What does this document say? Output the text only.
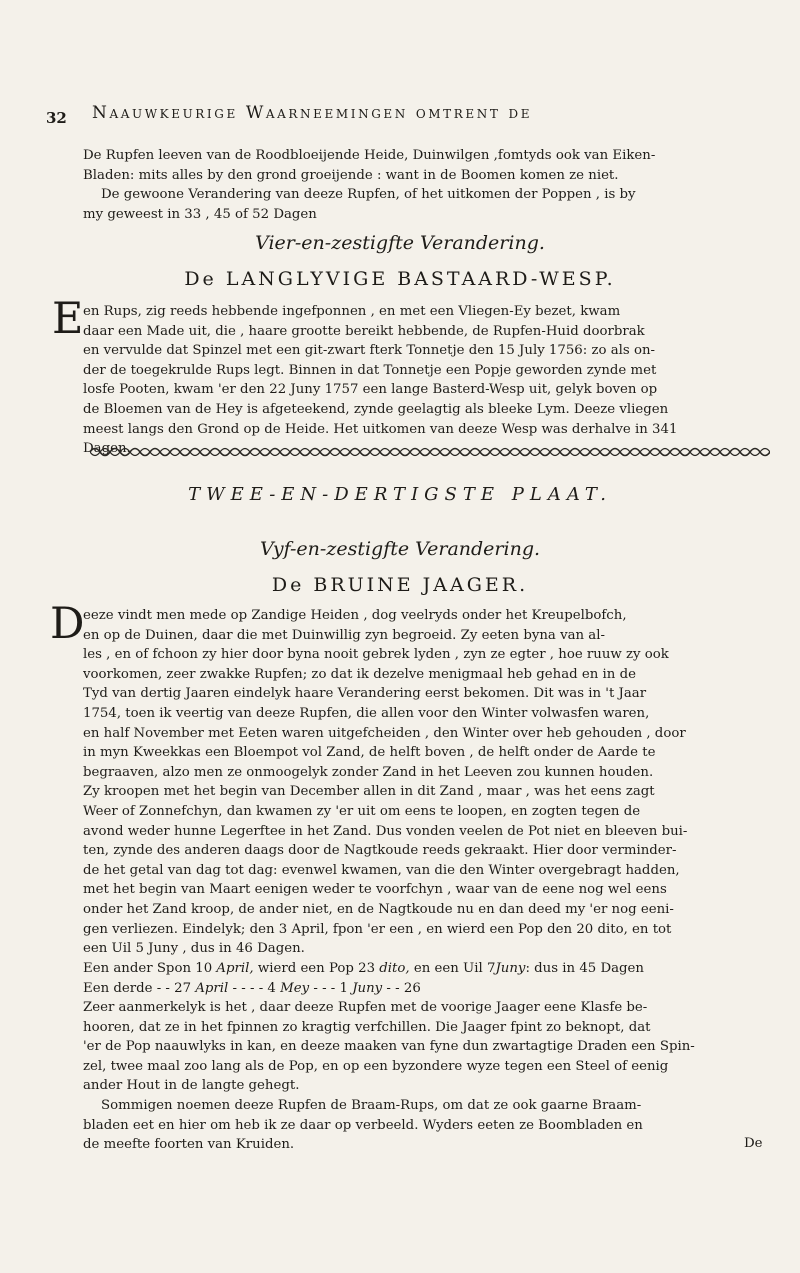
32 Naauwkeurige Waarneemingen omtrent de
De Rupfen leeven van de Roodbloeijende Heide, Duinwilgen ,fomtyds ook van Eiken-
Bladen: mits alles by den grond groeijende : want in de Boomen komen ze niet.
De gewoone Verandering van deeze Rupfen, of het uitkomen der Poppen , is by
my geweest in 33 , 45 of 52 Dagen
Vier-en-zestigfte Verandering.
De LANGLYVIGE BASTAARD-WESP.
E en Rups, zig reeds hebbende ingefponnen , en met een Vliegen-Ey bezet, kwam
daar een Made uit, die , haare grootte bereikt hebbende, de Rupfen-Huid doorbrak
en vervulde dat Spinzel met een git-zwart fterk Tonnetje den 15 July 1756: zo als on-
der de toegekrulde Rups legt. Binnen in dat Tonnetje een Popje geworden zynde met
losfe Pooten, kwam 'er den 22 Juny 1757 een lange Basterd-Wesp uit, gelyk boven op
de Bloemen van de Hey is afgeteekend, zynde geelagtig als bleeke Lym. Deeze vliegen
meest langs den Grond op de Heide. Het uitkomen van deeze Wesp was derhalve in 341
Dagen.
TWEE-EN-DERTIGSTE PLAAT.
Vyf-en-zestigfte Verandering.
De BRUINE JAAGER.
D
eeze vindt men mede op Zandige Heiden , dog veelryds onder het Kreupelbofch,
en op de Duinen, daar die met Duinwillig zyn begroeid. Zy eeten byna van al-
les , en of fchoon zy hier door byna nooit gebrek lyden , zyn ze egter , hoe ruuw zy ook
voorkomen, zeer zwakke Rupfen; zo dat ik dezelve menigmaal heb gehad en in de
Tyd van dertig Jaaren eindelyk haare Verandering eerst bekomen. Dit was in 't Jaar
1754, toen ik veertig van deeze Rupfen, die allen voor den Winter volwasfen waren,
en half November met Eeten waren uitgefcheiden , den Winter over heb gehouden , door
in myn Kweekkas een Bloempot vol Zand, de helft boven , de helft onder de Aarde te
begraaven, alzo men ze onmoogelyk zonder Zand in het Leeven zou kunnen houden.
Zy kroopen met het begin van December allen in dit Zand , maar , was het eens zagt
Weer of Zonnefchyn, dan kwamen zy 'er uit om eens te loopen, en zogten tegen de
avond weder hunne Legerftee in het Zand. Dus vonden veelen de Pot niet en bleeven bui-
ten, zynde des anderen daags door de Nagtkoude reeds gekraakt. Hier door verminder-
de het getal van dag tot dag: evenwel kwamen, van die den Winter overgebragt hadden,
met het begin van Maart eenigen weder te voorfchyn , waar van de eene nog wel eens
onder het Zand kroop, de ander niet, en de Nagtkoude nu en dan deed my 'er nog eeni-
gen verliezen. Eindelyk; den 3 April, fpon 'er een , en wierd een Pop den 20 dito, en tot
een Uil 5 Juny , dus in 46 Dagen.
Een ander Spon 10 April, wierd een Pop 23 dito, en een Uil 7Juny: dus in 45 Dagen
Een derde - - 27 April - - - - 4 Mey - - - 1 Juny - - 26
Zeer aanmerkelyk is het , daar deeze Rupfen met de voorige Jaager eene Klasfe be-
hooren, dat ze in het fpinnen zo kragtig verfchillen. Die Jaager fpint zo beknopt, dat
'er de Pop naauwlyks in kan, en deeze maaken van fyne dun zwartagtige Draden een Spin-
zel, twee maal zoo lang als de Pop, en op een byzondere wyze tegen een Steel of eenig
ander Hout in de langte gehegt.
Sommigen noemen deeze Rupfen de Braam-Rups, om dat ze ook gaarne Braam-
bladen eet en hier om heb ik ze daar op verbeeld. Wyders eeten ze Boombladen en
de meefte foorten van Kruiden.	De
